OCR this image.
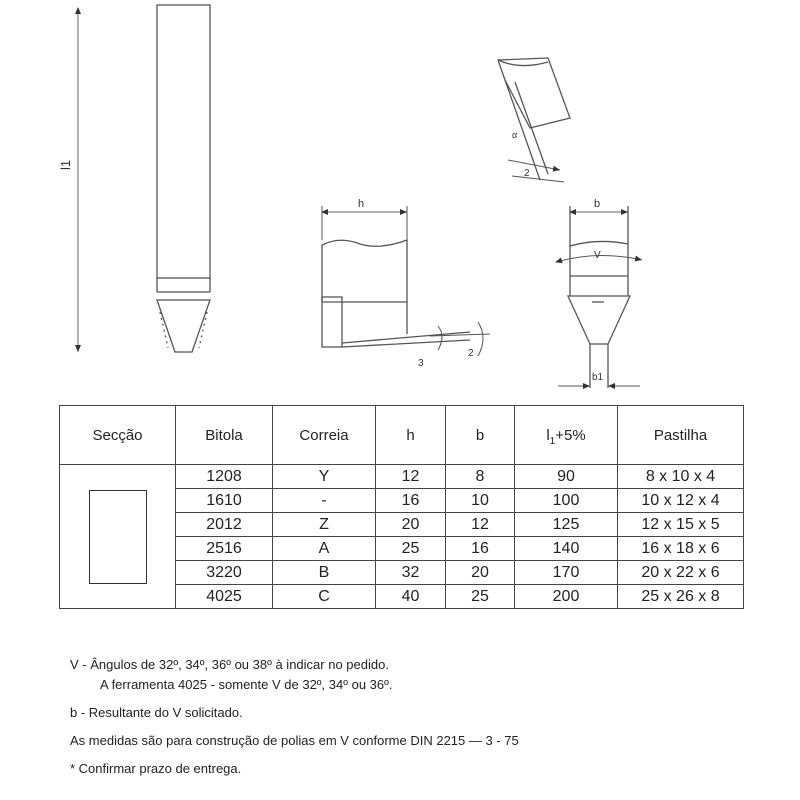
l1
h
3
2
α
2
b
V
b1
Secção	Bitola	Correia	h	b	$l_1+5\%$	Pastilha

	1208	Y	12	8	90	8 x 10 x 4
	1610	-	16	10	100	10 x 12 x 4
	2012	Z	20	12	125	12 x 15 x 5
	2516	A	25	16	140	16 x 18 x 6
	3220	B	32	20	170	20 x 22 x 6
	4025	C	40	25	200	25 x 26 x 8

V - Ângulos de 32º, 34º, 36º ou 38º à indicar no pedido.

A ferramenta 4025 - somente V de 32º, 34º ou 36º.

b - Resultante do V solicitado.

As medidas são para construção de polias em V conforme DIN 2215 — 3 - 75

* Confirmar prazo de entrega.
